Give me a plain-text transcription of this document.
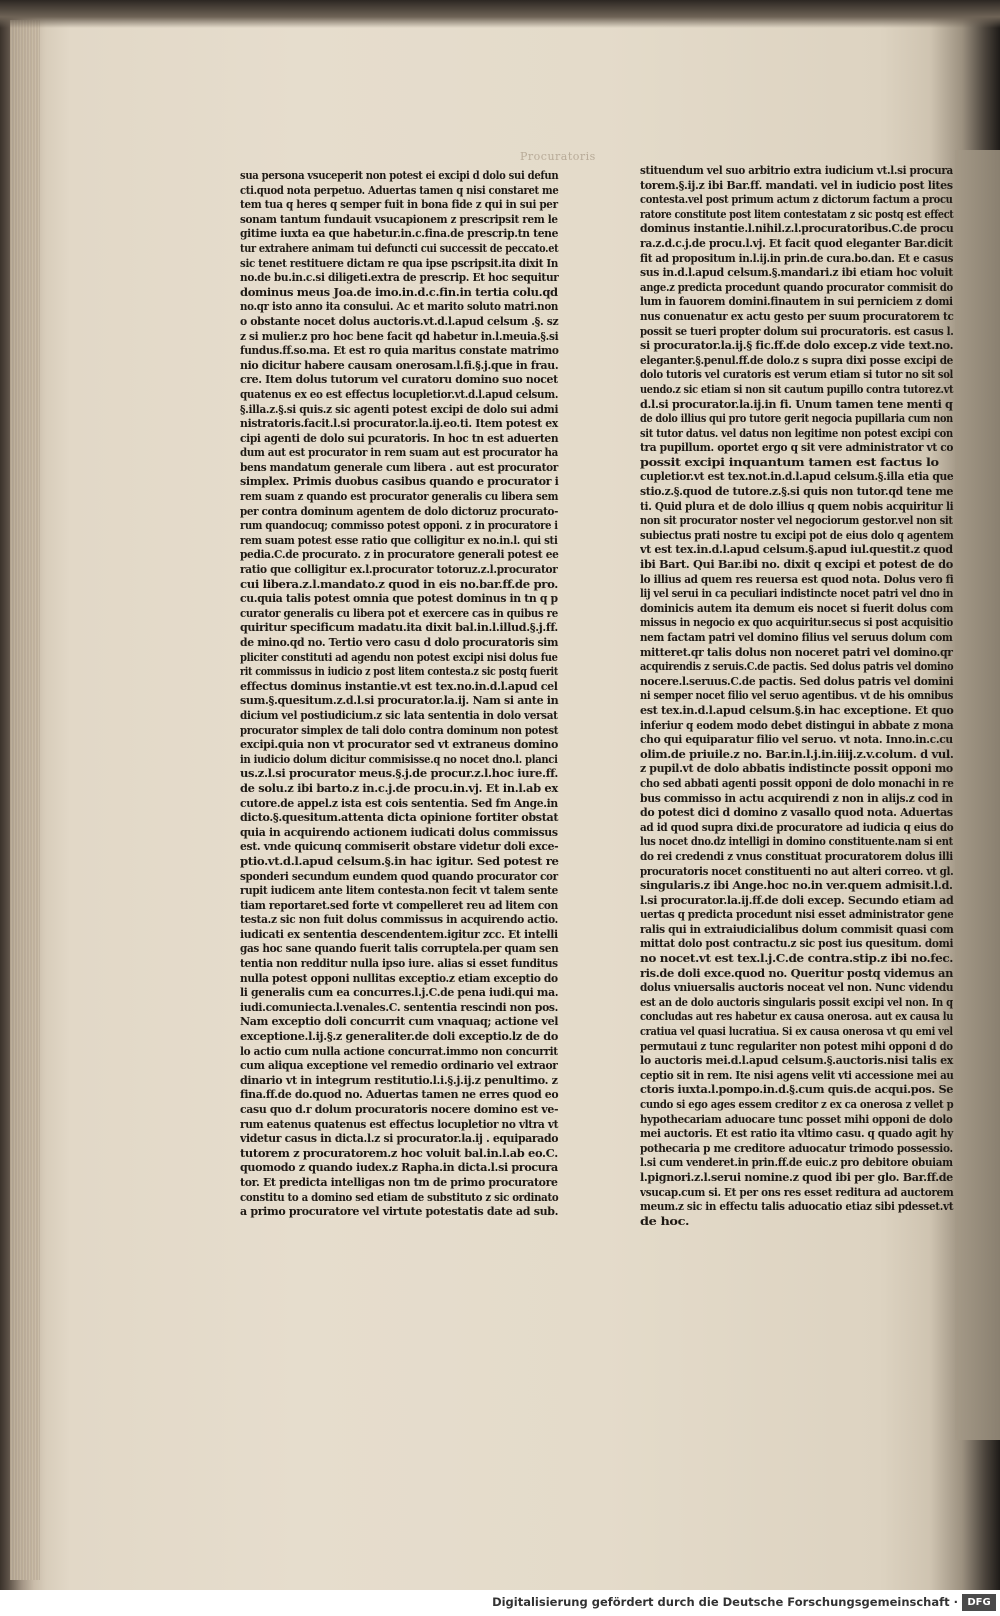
Procuratoris
sua persona vsuceperit non potest ei excipi d dolo sui defun
cti.quod nota perpetuo. Aduertas tamen q nisi constaret me
tem tua q heres q semper fuit in bona fide z qui in sui per
sonam tantum fundauit vsucapionem z prescripsit rem le
gitime iuxta ea que habetur.in.c.fina.de prescrip.tn tene
tur extrahere animam tui defuncti cui successit de peccato.et
sic tenet restituere dictam re qua ipse pscripsit.ita dixit In
no.de bu.in.c.si diligeti.extra de prescrip. Et hoc sequitur
dominus meus Joa.de imo.in.d.c.fin.in tertia colu.qd
no.qr isto anno ita consului. Ac et marito soluto matri.non
o obstante nocet dolus auctoris.vt.d.l.apud celsum .§. sz
z si mulier.z pro hoc bene facit qd habetur in.l.meuia.§.si
fundus.ff.so.ma. Et est ro quia maritus constate matrimo
nio dicitur habere causam onerosam.l.fi.§.j.que in frau.
cre. Item dolus tutorum vel curatoru domino suo nocet
quatenus ex eo est effectus locupletior.vt.d.l.apud celsum.
§.illa.z.§.si quis.z sic agenti potest excipi de dolo sui admi
nistratoris.facit.l.si procurator.la.ij.eo.ti. Item potest ex
cipi agenti de dolo sui pcuratoris. In hoc tn est aduerten
dum aut est procurator in rem suam aut est procurator ha
bens mandatum generale cum libera . aut est procurator
simplex. Primis duobus casibus quando e procurator i
rem suam z quando est procurator generalis cu libera sem
per contra dominum agentem de dolo dictoruz procurato-
rum quandocuq; commisso potest opponi. z in procuratore i
rem suam potest esse ratio que colligitur ex no.in.l. qui sti
pedia.C.de procurato. z in procuratore generali potest ee
ratio que colligitur ex.l.procurator totoruz.z.l.procurator
cui libera.z.l.mandato.z quod in eis no.bar.ff.de pro.
cu.quia talis potest omnia que potest dominus in tn q p
curator generalis cu libera pot et exercere cas in quibus re
quiritur specificum madatu.ita dixit bal.in.l.illud.§.j.ff.
de mino.qd no. Tertio vero casu d dolo procuratoris sim
pliciter constituti ad agendu non potest excipi nisi dolus fue
rit commissus in iudicio z post litem contesta.z sic postq fuerit
effectus dominus instantie.vt est tex.no.in.d.l.apud cel
sum.§.quesitum.z.d.l.si procurator.la.ij. Nam si ante in
dicium vel postiudicium.z sic lata sententia in dolo versat
procurator simplex de tali dolo contra dominum non potest
excipi.quia non vt procurator sed vt extraneus domino
in iudicio dolum dicitur commisisse.q no nocet dno.l. planci
us.z.l.si procurator meus.§.j.de procur.z.l.hoc iure.ff.
de solu.z ibi barto.z in.c.j.de procu.in.vj. Et in.l.ab ex
cutore.de appel.z ista est cois sententia. Sed fm Ange.in
dicto.§.quesitum.attenta dicta opinione fortiter obstat
quia in acquirendo actionem iudicati dolus commissus
est. vnde quicunq commiserit obstare videtur doli exce-
ptio.vt.d.l.apud celsum.§.in hac igitur. Sed potest re
sponderi secundum eundem quod quando procurator cor
rupit iudicem ante litem contesta.non fecit vt talem sente
tiam reportaret.sed forte vt compelleret reu ad litem con
testa.z sic non fuit dolus commissus in acquirendo actio.
iudicati ex sententia descendentem.igitur zcc. Et intelli
gas hoc sane quando fuerit talis corruptela.per quam sen
tentia non redditur nulla ipso iure. alias si esset funditus
nulla potest opponi nullitas exceptio.z etiam exceptio do
li generalis cum ea concurres.l.j.C.de pena iudi.qui ma.
iudi.comuniecta.l.venales.C. sententia rescindi non pos.
Nam exceptio doli concurrit cum vnaquaq; actione vel
exceptione.l.ij.§.z generaliter.de doli exceptio.lz de do
lo actio cum nulla actione concurrat.immo non concurrit
cum aliqua exceptione vel remedio ordinario vel extraor
dinario vt in integrum restitutio.l.i.§.j.ij.z penultimo. z
fina.ff.de do.quod no. Aduertas tamen ne erres quod eo
casu quo d.r dolum procuratoris nocere domino est ve-
rum eatenus quatenus est effectus locupletior no vltra vt
videtur casus in dicta.l.z si procurator.la.ij . equiparado
tutorem z procuratorem.z hoc voluit bal.in.l.ab eo.C.
quomodo z quando iudex.z Rapha.in dicta.l.si procura
tor. Et predicta intelligas non tm de primo procuratore
constitu to a domino sed etiam de substituto z sic ordinato
a primo procuratore vel virtute potestatis date ad sub.
stituendum vel suo arbitrio extra iudicium vt.l.si procura
torem.§.ij.z ibi Bar.ff. mandati. vel in iudicio post lites
contesta.vel post primum actum z dictorum factum a procu
ratore constitute post litem contestatam z sic postq est effect
dominus instantie.l.nihil.z.l.procuratoribus.C.de procu
ra.z.d.c.j.de procu.l.vj. Et facit quod eleganter Bar.dicit
fit ad propositum in.l.ij.in prin.de cura.bo.dan. Et e casus
sus in.d.l.apud celsum.§.mandari.z ibi etiam hoc voluit
ange.z predicta procedunt quando procurator commisit do
lum in fauorem domini.finautem in sui perniciem z domi
nus conuenatur ex actu gesto per suum procuratorem tc
possit se tueri propter dolum sui procuratoris. est casus l.
si procurator.la.ij.§ fic.ff.de dolo excep.z vide text.no.
eleganter.§.penul.ff.de dolo.z s supra dixi posse excipi de
dolo tutoris vel curatoris est verum etiam si tutor no sit sol
uendo.z sic etiam si non sit cautum pupillo contra tutorez.vt
d.l.si procurator.la.ij.in fi. Unum tamen tene menti q
de dolo illius qui pro tutore gerit negocia pupillaria cum non
sit tutor datus. vel datus non legitime non potest excipi con
tra pupillum. oportet ergo q sit vere administrator vt co
possit excipi inquantum tamen est factus lo
cupletior.vt est tex.not.in.d.l.apud celsum.§.illa etia que
stio.z.§.quod de tutore.z.§.si quis non tutor.qd tene me
ti. Quid plura et de dolo illius q quem nobis acquiritur li
non sit procurator noster vel negociorum gestor.vel non sit
subiectus prati nostre tu excipi pot de eius dolo q agentem
vt est tex.in.d.l.apud celsum.§.apud iul.questit.z quod
ibi Bart. Qui Bar.ibi no. dixit q excipi et potest de do
lo illius ad quem res reuersa est quod nota. Dolus vero fi
lij vel serui in ca peculiari indistincte nocet patri vel dno in
dominicis autem ita demum eis nocet si fuerit dolus com
missus in negocio ex quo acquiritur.secus si post acquisitio
nem factam patri vel domino filius vel seruus dolum com
mitteret.qr talis dolus non noceret patri vel domino.qr
acquirendis z seruis.C.de pactis. Sed dolus patris vel domino
nocere.l.seruus.C.de pactis. Sed dolus patris vel domini
ni semper nocet filio vel seruo agentibus. vt de his omnibus
est tex.in.d.l.apud celsum.§.in hac exceptione. Et quo
inferiur q eodem modo debet distingui in abbate z mona
cho qui equiparatur filio vel seruo. vt nota. Inno.in.c.cu
olim.de priuile.z no. Bar.in.l.j.in.iiij.z.v.colum. d vul.
z pupil.vt de dolo abbatis indistincte possit opponi mo
cho sed abbati agenti possit opponi de dolo monachi in re
bus commisso in actu acquirendi z non in alijs.z cod in
do potest dici d domino z vasallo quod nota. Aduertas
ad id quod supra dixi.de procuratore ad iudicia q eius do
lus nocet dno.dz intelligi in domino constituente.nam si ent
do rei credendi z vnus constituat procuratorem dolus illi
procuratoris nocet constituenti no aut alteri correo. vt gl.
singularis.z ibi Ange.hoc no.in ver.quem admisit.l.d.
l.si procurator.la.ij.ff.de doli excep. Secundo etiam ad
uertas q predicta procedunt nisi esset administrator gene
ralis qui in extraiudicialibus dolum commisit quasi com
mittat dolo post contractu.z sic post ius quesitum. domi
no nocet.vt est tex.l.j.C.de contra.stip.z ibi no.fec.
ris.de doli exce.quod no. Queritur postq videmus an
dolus vniuersalis auctoris noceat vel non. Nunc videndu
est an de dolo auctoris singularis possit excipi vel non. In q
concludas aut res habetur ex causa onerosa. aut ex causa lu
cratiua vel quasi lucratiua. Si ex causa onerosa vt qu emi vel
permutaui z tunc regulariter non potest mihi opponi d do
lo auctoris mei.d.l.apud celsum.§.auctoris.nisi talis ex
ceptio sit in rem. Ite nisi agens velit vti accessione mei au
ctoris iuxta.l.pompo.in.d.§.cum quis.de acqui.pos. Se
cundo si ego ages essem creditor z ex ca onerosa z vellet p
hypothecariam aduocare tunc posset mihi opponi de dolo
mei auctoris. Et est ratio ita vltimo casu. q quado agit hy
pothecaria p me creditore aduocatur trimodo possessio.
l.si cum venderet.in prin.ff.de euic.z pro debitore obuiam
l.pignori.z.l.serui nomine.z quod ibi per glo. Bar.ff.de
vsucap.cum si. Et per ons res esset reditura ad auctorem
meum.z sic in effectu talis aduocatio etiaz sibi pdesset.vt
de hoc.
Digitalisierung gefördert durch die Deutsche Forschungsgemeinschaft · DFG
